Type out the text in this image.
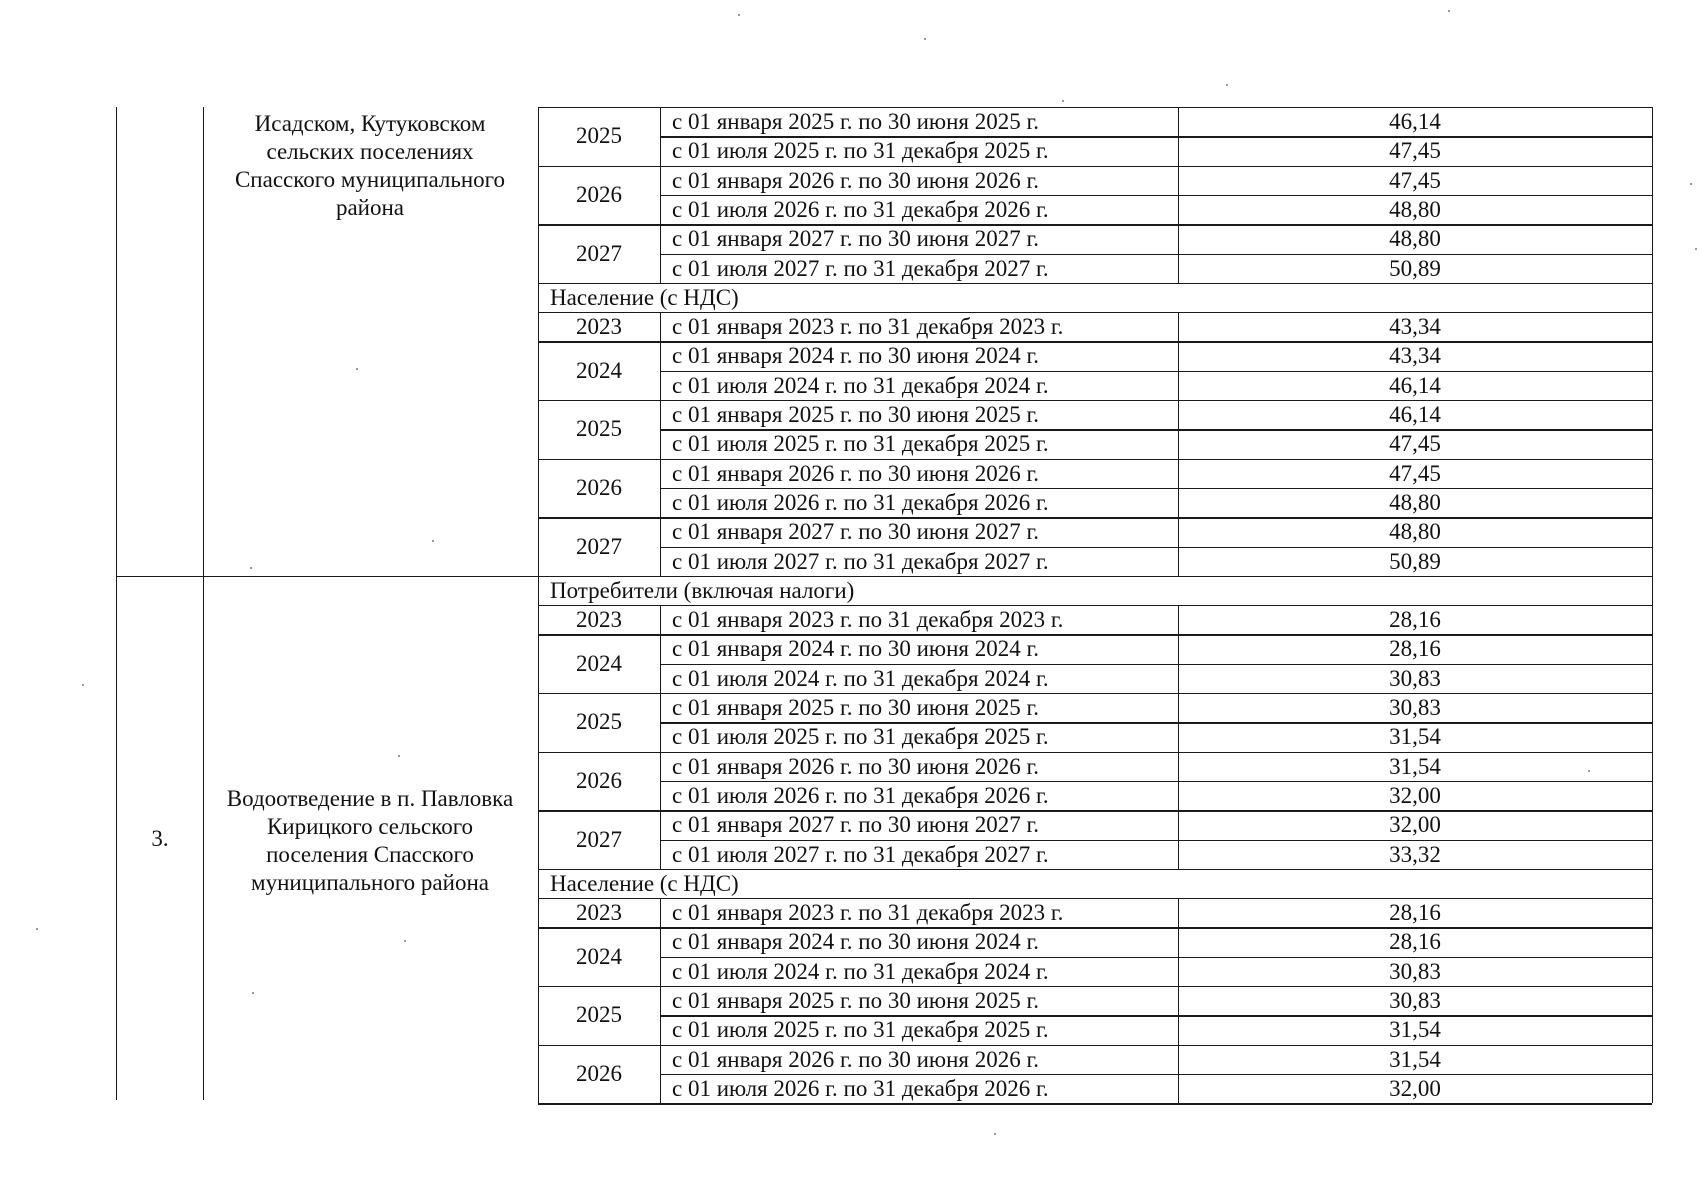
2025
с 01 января 2025 г. по 30 июня 2025 г.	46,14
с 01 июля 2025 г. по 31 декабря 2025 г.	47,45
2026
с 01 января 2026 г. по 30 июня 2026 г.	47,45
с 01 июля 2026 г. по 31 декабря 2026 г.	48,80
2027
с 01 января 2027 г. по 30 июня 2027 г.	48,80
с 01 июля 2027 г. по 31 декабря 2027 г.	50,89
Население (с НДС)
2023	с 01 января 2023 г. по 31 декабря 2023 г.	43,34
2024
с 01 января 2024 г. по 30 июня 2024 г.	43,34
с 01 июля 2024 г. по 31 декабря 2024 г.	46,14
2025
с 01 января 2025 г. по 30 июня 2025 г.	46,14
с 01 июля 2025 г. по 31 декабря 2025 г.	47,45
2026
с 01 января 2026 г. по 30 июня 2026 г.	47,45
с 01 июля 2026 г. по 31 декабря 2026 г.	48,80
2027
с 01 января 2027 г. по 30 июня 2027 г.	48,80
с 01 июля 2027 г. по 31 декабря 2027 г.	50,89
Потребители (включая налоги)
2023	с 01 января 2023 г. по 31 декабря 2023 г.	28,16
2024
с 01 января 2024 г. по 30 июня 2024 г.	28,16
с 01 июля 2024 г. по 31 декабря 2024 г.	30,83
2025
с 01 января 2025 г. по 30 июня 2025 г.	30,83
с 01 июля 2025 г. по 31 декабря 2025 г.	31,54
2026
с 01 января 2026 г. по 30 июня 2026 г.	31,54
с 01 июля 2026 г. по 31 декабря 2026 г.	32,00
2027
с 01 января 2027 г. по 30 июня 2027 г.	32,00
с 01 июля 2027 г. по 31 декабря 2027 г.	33,32
Население (с НДС)
2023	с 01 января 2023 г. по 31 декабря 2023 г.	28,16
2024
с 01 января 2024 г. по 30 июня 2024 г.	28,16
с 01 июля 2024 г. по 31 декабря 2024 г.	30,83
2025
с 01 января 2025 г. по 30 июня 2025 г.	30,83
с 01 июля 2025 г. по 31 декабря 2025 г.	31,54
2026
с 01 января 2026 г. по 30 июня 2026 г.	31,54
с 01 июля 2026 г. по 31 декабря 2026 г.	32,00
Исадском, Кутуковском
сельских поселениях
Спасского муниципального
района
3.
Водоотведение в п. Павловка
Кирицкого сельского
поселения Спасского
муниципального района
